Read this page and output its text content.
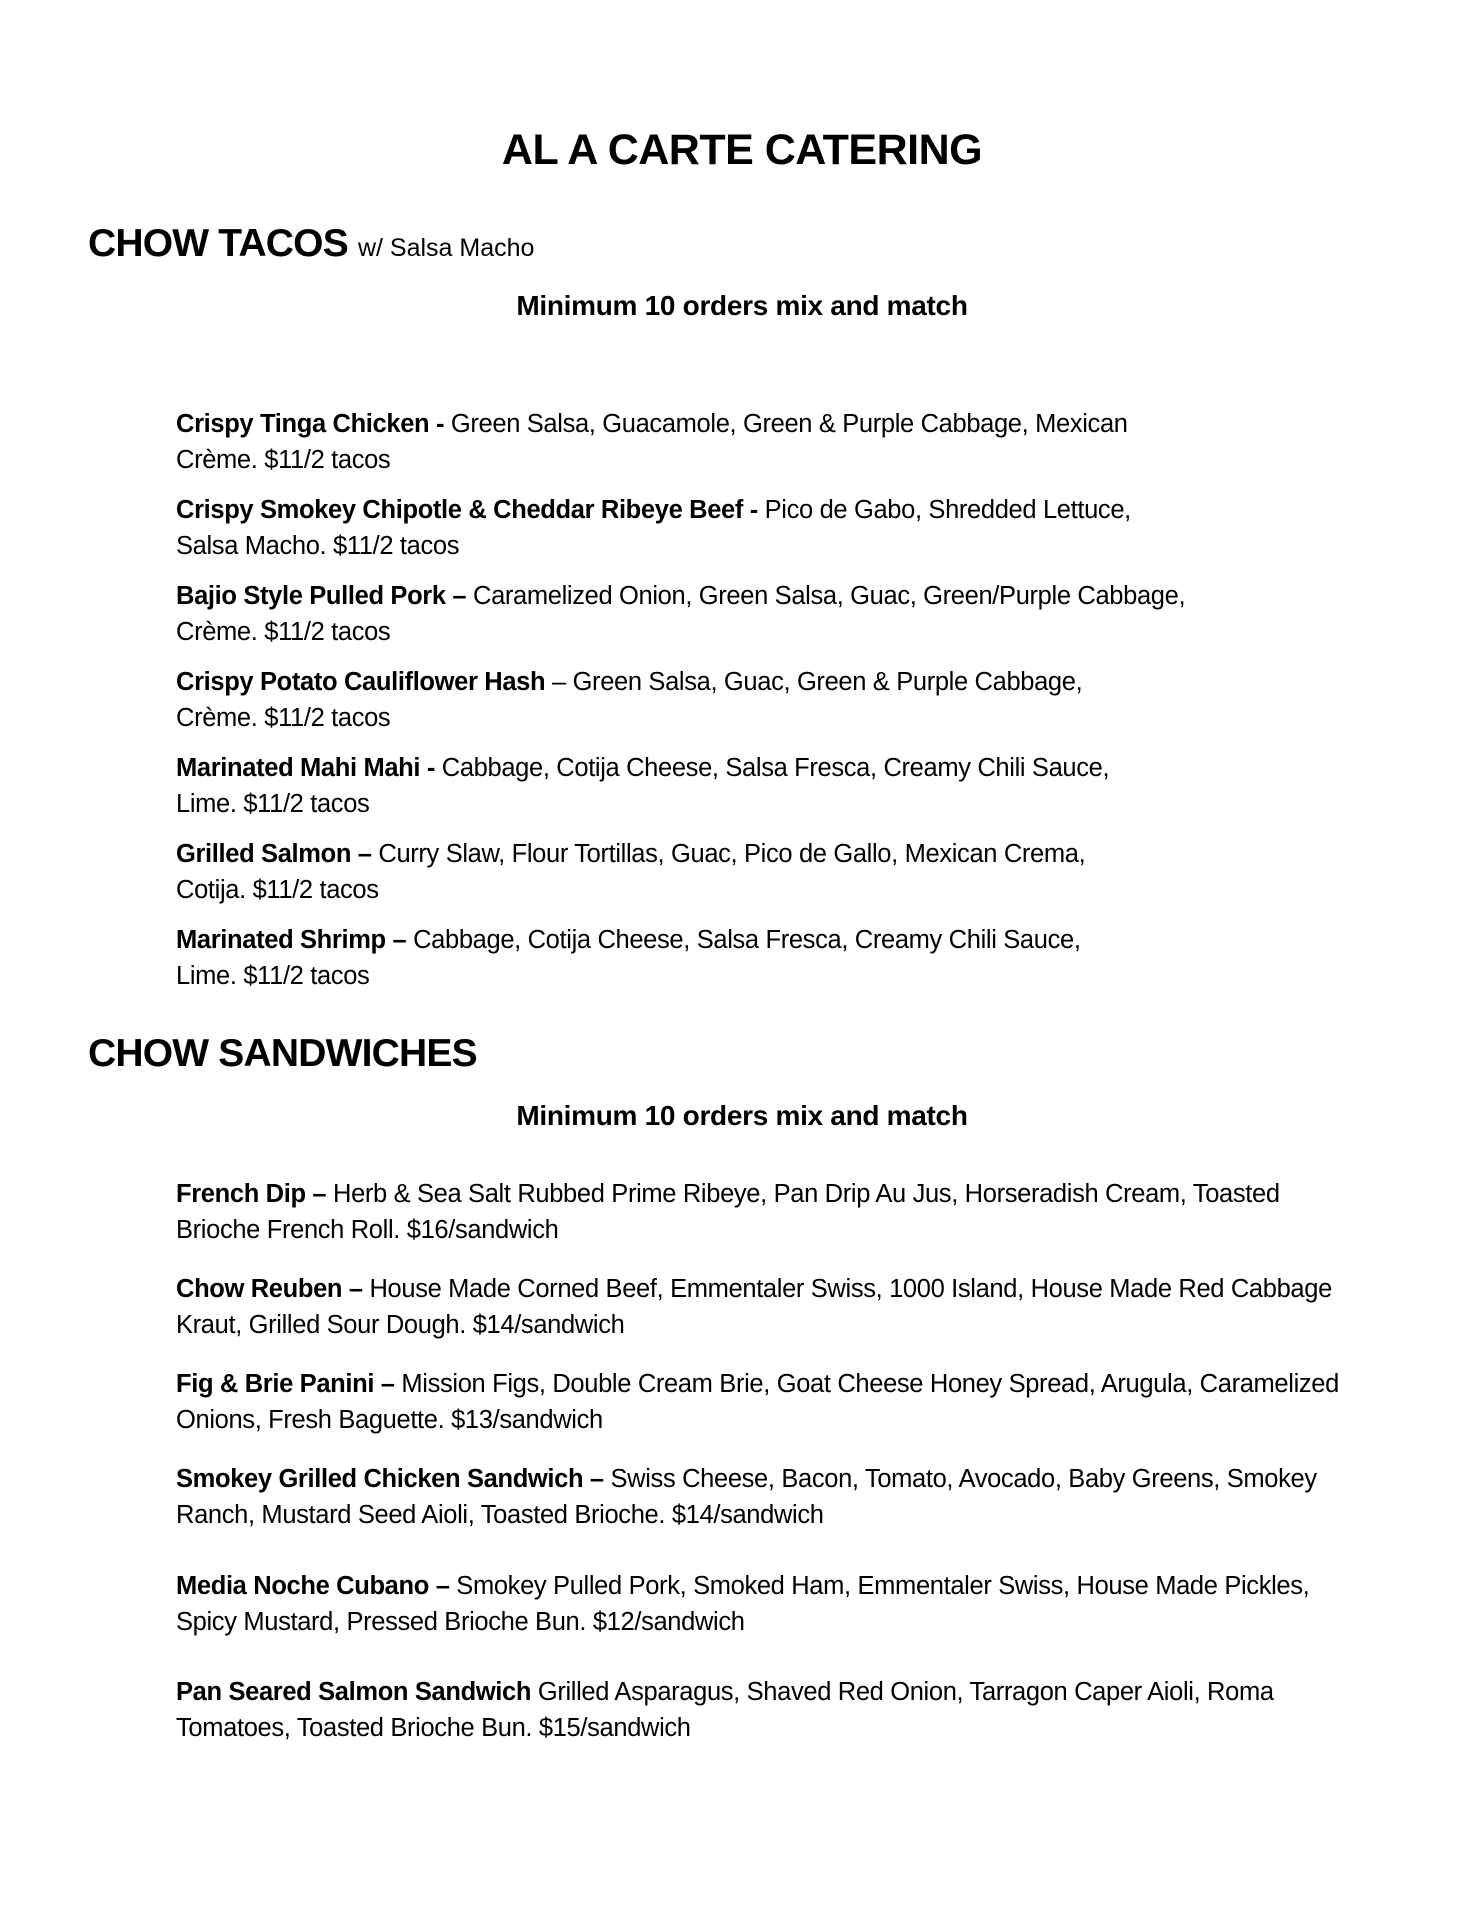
AL A CARTE CATERING
CHOW TACOS w/ Salsa Macho

Minimum 10 orders mix and match

Crispy Tinga Chicken - Green Salsa, Guacamole, Green & Purple Cabbage, Mexican
Crème. $11/2 tacos

Crispy Smokey Chipotle & Cheddar Ribeye Beef - Pico de Gabo, Shredded Lettuce,
Salsa Macho. $11/2 tacos

Bajio Style Pulled Pork – Caramelized Onion, Green Salsa, Guac, Green/Purple Cabbage,
Crème. $11/2 tacos

Crispy Potato Cauliflower Hash – Green Salsa, Guac, Green & Purple Cabbage,
Crème. $11/2 tacos

Marinated Mahi Mahi - Cabbage, Cotija Cheese, Salsa Fresca, Creamy Chili Sauce,
Lime. $11/2 tacos

Grilled Salmon – Curry Slaw, Flour Tortillas, Guac, Pico de Gallo, Mexican Crema,
Cotija. $11/2 tacos

Marinated Shrimp – Cabbage, Cotija Cheese, Salsa Fresca, Creamy Chili Sauce,
Lime. $11/2 tacos

CHOW SANDWICHES

Minimum 10 orders mix and match

French Dip – Herb & Sea Salt Rubbed Prime Ribeye, Pan Drip Au Jus, Horseradish Cream, Toasted
Brioche French Roll. $16/sandwich

Chow Reuben – House Made Corned Beef, Emmentaler Swiss, 1000 Island, House Made Red Cabbage
Kraut, Grilled Sour Dough. $14/sandwich

Fig & Brie Panini – Mission Figs, Double Cream Brie, Goat Cheese Honey Spread, Arugula, Caramelized
Onions, Fresh Baguette. $13/sandwich

Smokey Grilled Chicken Sandwich – Swiss Cheese, Bacon, Tomato, Avocado, Baby Greens, Smokey
Ranch, Mustard Seed Aioli, Toasted Brioche. $14/sandwich

Media Noche Cubano – Smokey Pulled Pork, Smoked Ham, Emmentaler Swiss, House Made Pickles,
Spicy Mustard, Pressed Brioche Bun. $12/sandwich

Pan Seared Salmon Sandwich Grilled Asparagus, Shaved Red Onion, Tarragon Caper Aioli, Roma
Tomatoes, Toasted Brioche Bun. $15/sandwich
